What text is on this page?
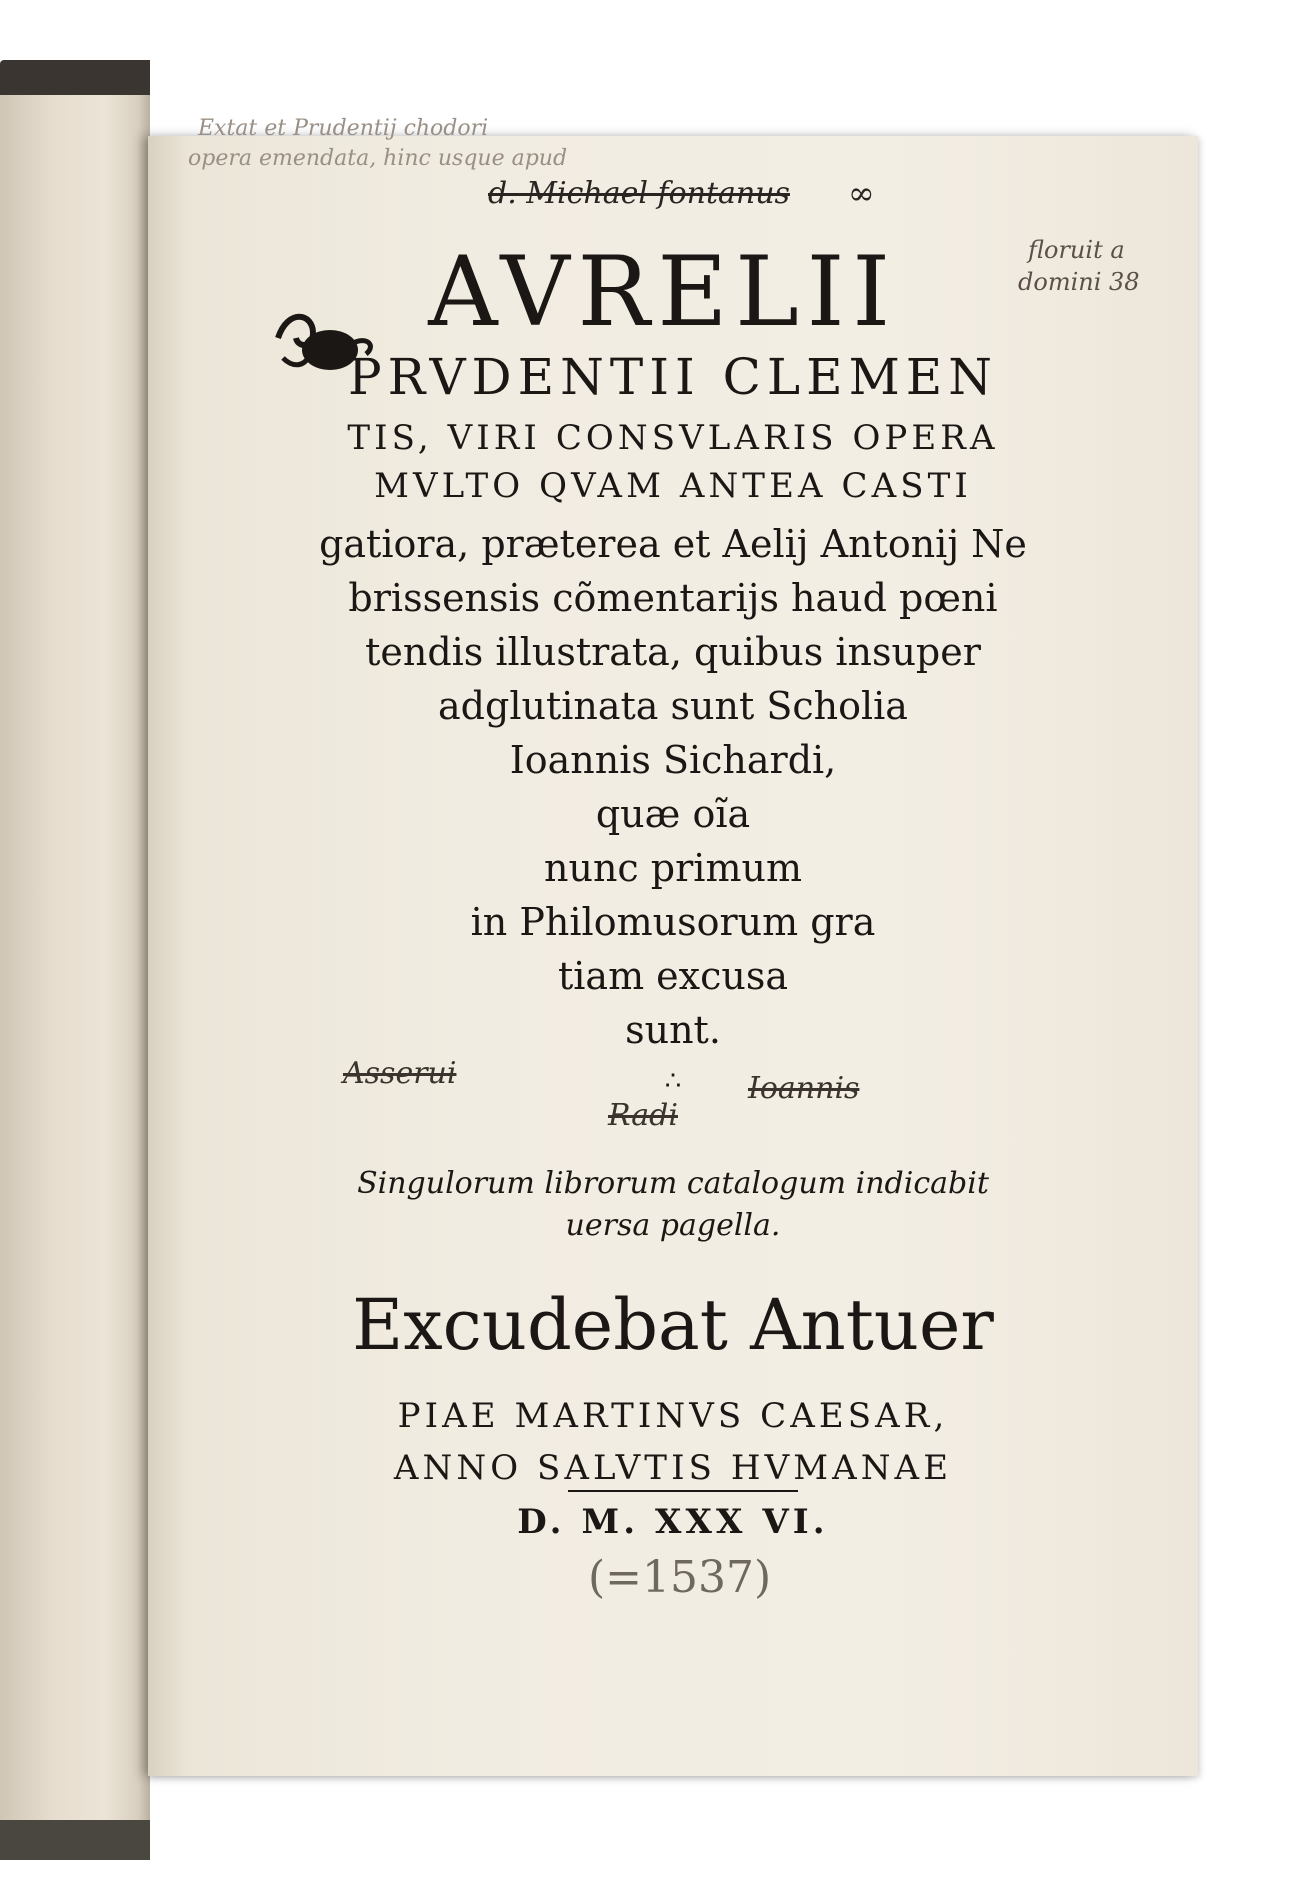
Extat et Prudentij chodori
opera emendata, hinc usque apud
d. Michael fontanus ∞
floruit a
domini 38
AVRELII
PRVDENTII CLEMEN
TIS, VIRI CONSVLARIS OPERA
MVLTO QVAM ANTEA CASTI
gatiora, præterea et Aelij Antonij Ne
brissensis cõmentarijs haud pœni
tendis illustrata, quibus insuper
adglutinata sunt Scholia
Ioannis Sichardi,
quæ oĩa
nunc primum
in Philomusorum gra
tiam excusa
sunt.
Asserui	Ioannis
Radi
∴
Singulorum librorum catalogum indicabit
uersa pagella.
Excudebat Antuer
PIAE MARTINVS CAESAR,
ANNO SALVTIS HVMANAE
D. M. XXX VI.
(=1537)
